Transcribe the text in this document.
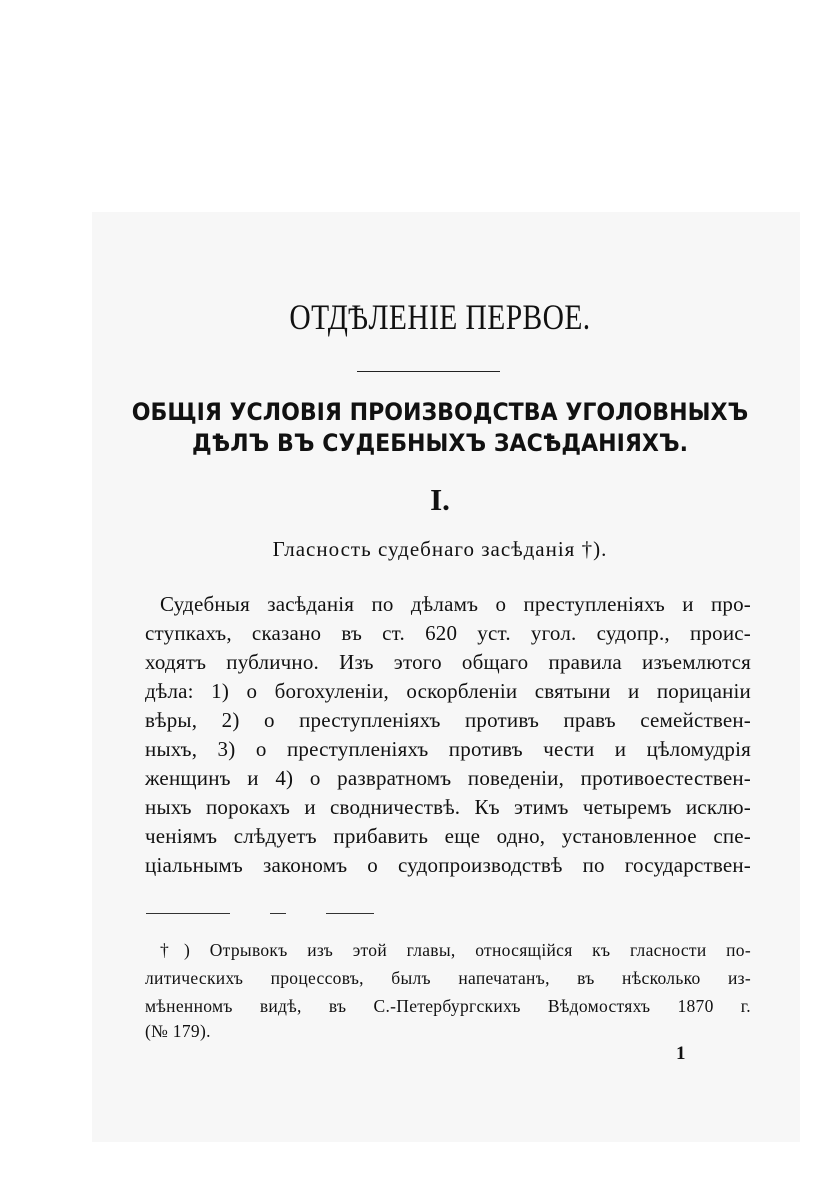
ОТДѢЛЕНІЕ ПЕРВОЕ.
ОБЩІЯ УСЛОВІЯ ПРОИЗВОДСТВА УГОЛОВНЫХЪ
ДѢЛЪ ВЪ СУДЕБНЫХЪ ЗАСѢДАНІЯХЪ.
I.
Гласность судебнаго засѣданія †).
Судебныя засѣданія по дѣламъ о преступленіяхъ и про-
ступкахъ, сказано въ ст. 620 уст. угол. судопр., проис-
ходятъ публично. Изъ этого общаго правила изъемлются
дѣла: 1) о богохуленіи, оскорбленіи святыни и порицаніи
вѣры, 2) о преступленіяхъ противъ правъ семействен-
ныхъ, 3) о преступленіяхъ противъ чести и цѣломудрія
женщинъ и 4) о развратномъ поведеніи, противоестествен-
ныхъ порокахъ и сводничествѣ. Къ этимъ четыремъ исклю-
ченіямъ слѣдуетъ прибавить еще одно, установленное спе-
ціальнымъ закономъ о судопроизводствѣ по государствен-
†) Отрывокъ изъ этой главы, относящійся къ гласности по-
литическихъ процессовъ, былъ напечатанъ, въ нѣсколько из-
мѣненномъ видѣ, въ С.-Петербургскихъ Вѣдомостяхъ 1870 г.
(№ 179).
1
